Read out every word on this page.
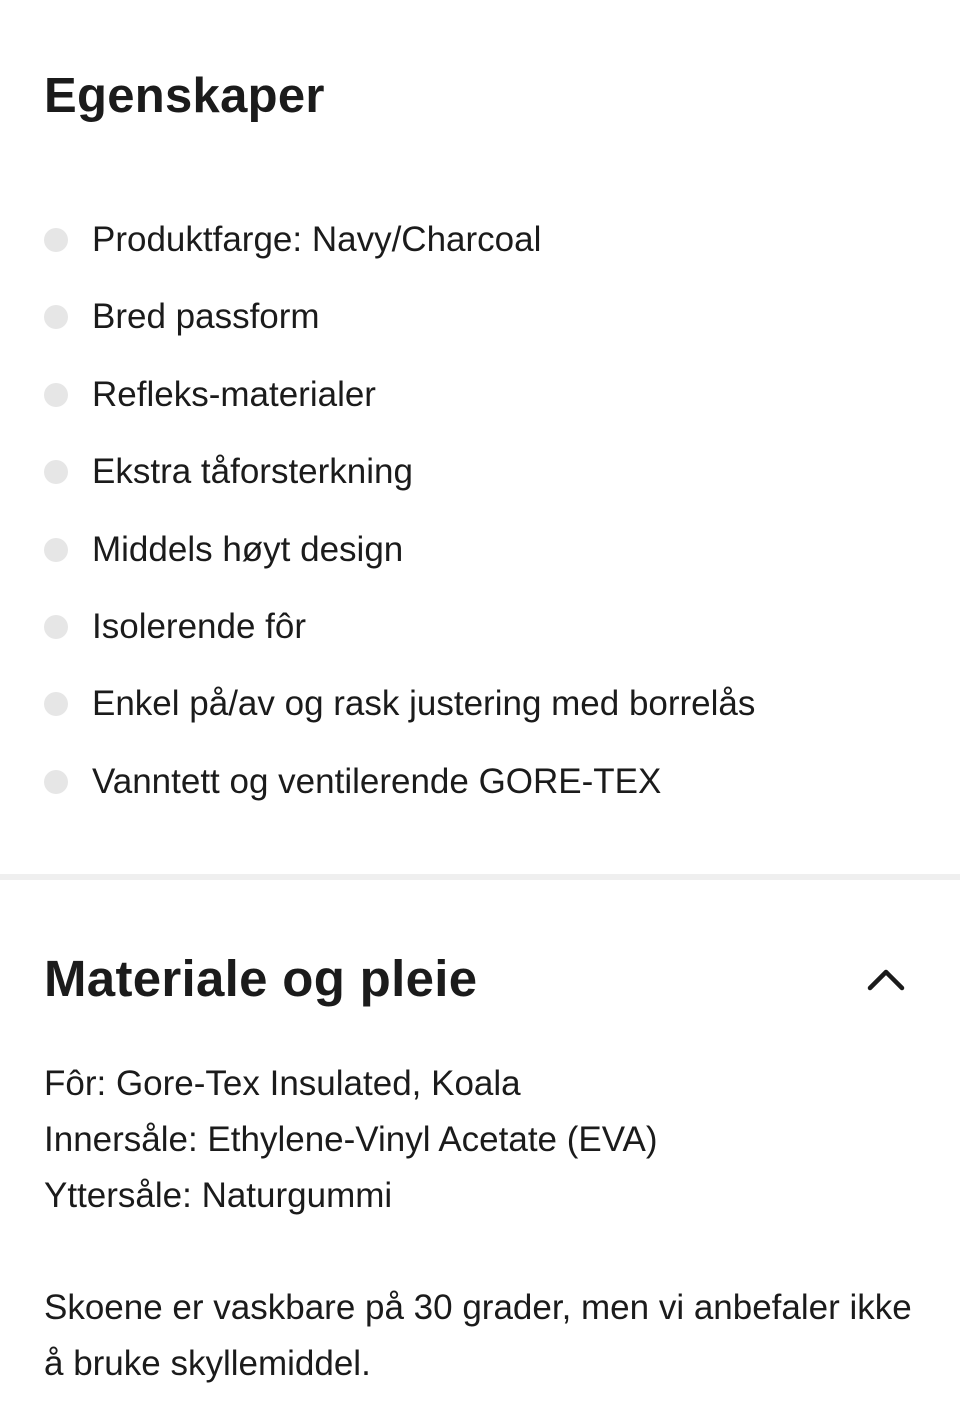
Egenskaper
Produktfarge: Navy/Charcoal
Bred passform
Refleks-materialer
Ekstra tåforsterkning
Middels høyt design
Isolerende fôr
Enkel på/av og rask justering med borrelås
Vanntett og ventilerende GORE-TEX
Materiale og pleie
Fôr: Gore-Tex Insulated, Koala
Innersåle: Ethylene-Vinyl Acetate (EVA)
Yttersåle: Naturgummi

Skoene er vaskbare på 30 grader, men vi anbefaler ikke å bruke skyllemiddel.
